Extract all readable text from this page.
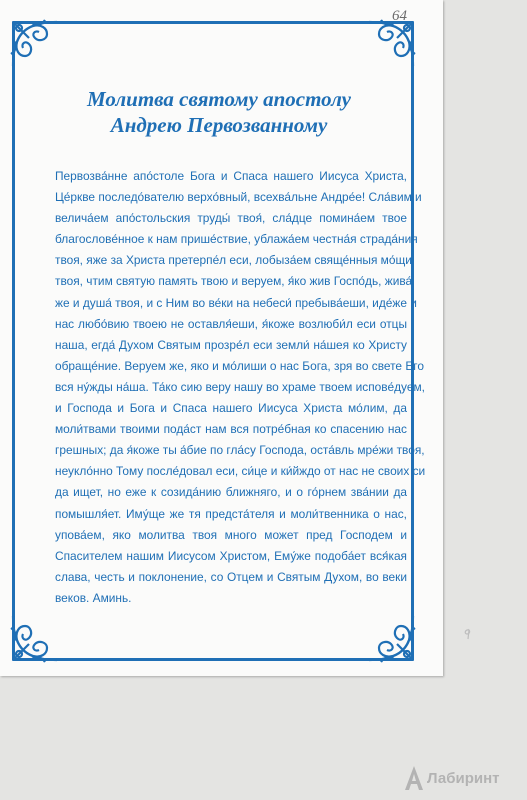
Молитва святому апостолу
Андрею Первозванному
Первозва́нне апо́столе Бога и Спаса нашего Иисуса Христа,
Це́ркве последо́вателю верхо́вный, всехва́льне Андре́е! Сла́вим и
велича́ем апо́стольския труды́ твоя́, сла́дце помина́ем твое
благослове́нное к нам прише́ствие, ублажа́ем честна́я страда́ния
твоя, яже за Христа претерпе́л еси, лобыза́ем свяще́нныя мо́щи
твоя, чтим святую память твою и веруем, я́ко жив Госпо́дь, жива́
же и душа́ твоя, и с Ним во ве́ки на небеси́ пребыва́еши, иде́же и
нас любо́вию твоею не оставля́еши, я́коже возлюби́л еси отцы
наша, егда́ Духом Святым прозре́л еси земли́ на́шея ко Христу
обраще́ние. Веруем же, яко и мо́лиши о нас Бога, зря во свете Его
вся ну́жды на́ша. Та́ко сию веру нашу во храме твоем испове́дуем,
и Господа и Бога и Спаса нашего Иисуса Христа мо́лим, да
моли́твами твоими пода́ст нам вся потре́бная ко спасению нас
грешных; да я́коже ты а́бие по гла́су Господа, оста́вль мре́жи твоя,
неукло́нно Тому после́довал еси, си́це и ки́йждо от нас не своих си
да ищет, но еже к созида́нию ближняго, и о го́рнем зва́нии да
помышля́ет. Иму́ще же тя предста́теля и моли́твенника о нас,
упова́ем, яко молитва твоя много может пред Господем и
Спасителем нашим Иисусом Христом, Ему́же подоба́ет вся́кая
слава, честь и поклонение, со Отцем и Святым Духом, во веки
веков. Аминь.
64
Лабиринт
